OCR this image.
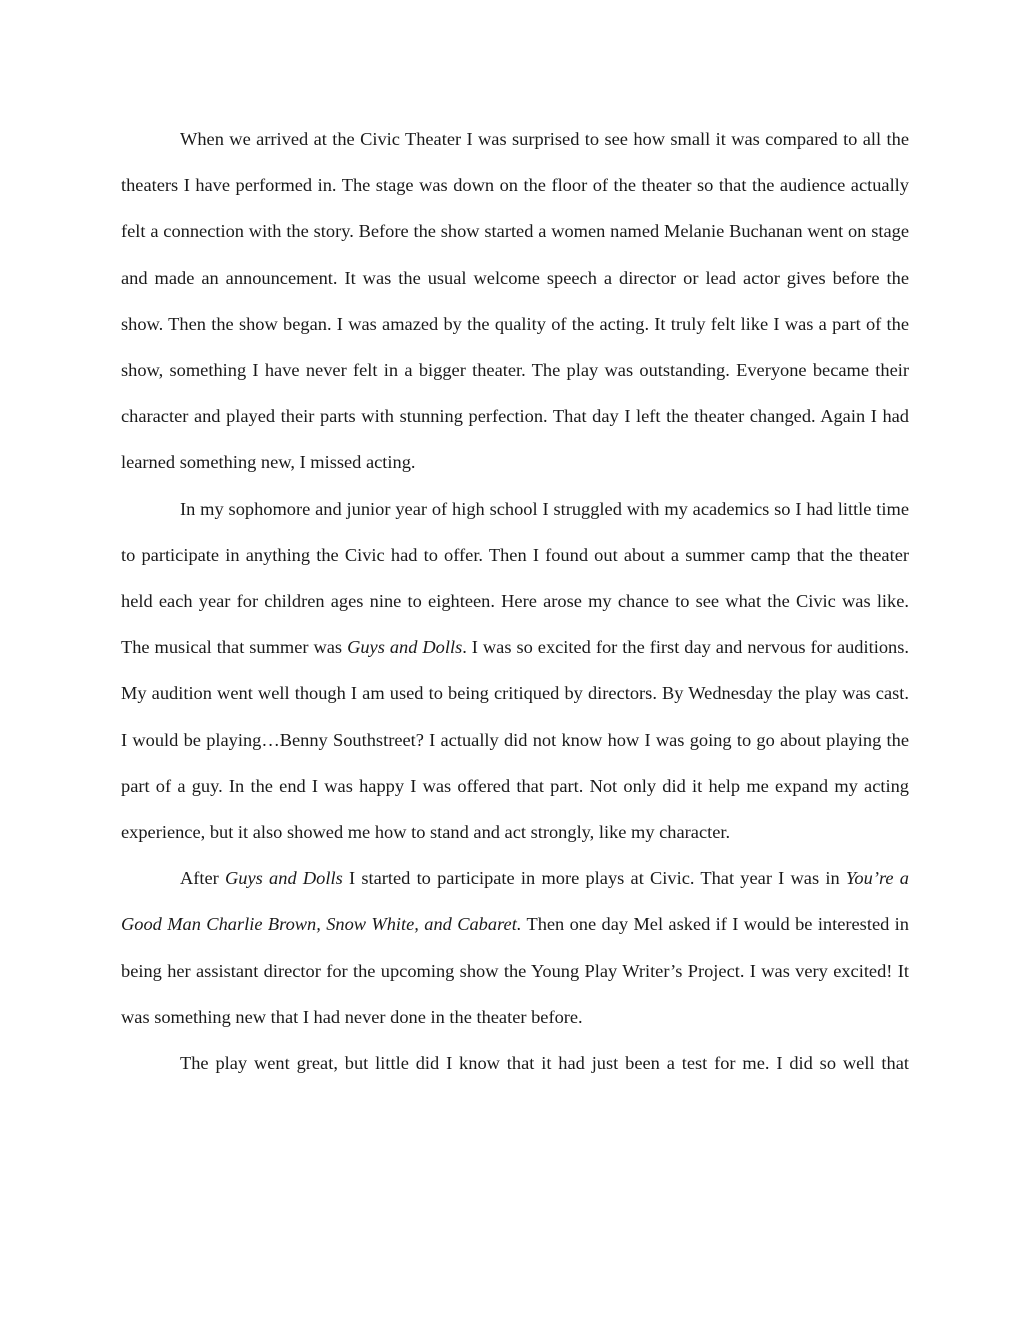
When we arrived at the Civic Theater I was surprised to see how small it was compared to all the theaters I have performed in. The stage was down on the floor of the theater so that the audience actually felt a connection with the story. Before the show started a women named Melanie Buchanan went on stage and made an announcement. It was the usual welcome speech a director or lead actor gives before the show. Then the show began. I was amazed by the quality of the acting. It truly felt like I was a part of the show, something I have never felt in a bigger theater. The play was outstanding. Everyone became their character and played their parts with stunning perfection. That day I left the theater changed. Again I had learned something new, I missed acting.

In my sophomore and junior year of high school I struggled with my academics so I had little time to participate in anything the Civic had to offer. Then I found out about a summer camp that the theater held each year for children ages nine to eighteen. Here arose my chance to see what the Civic was like. The musical that summer was Guys and Dolls. I was so excited for the first day and nervous for auditions. My audition went well though I am used to being critiqued by directors. By Wednesday the play was cast. I would be playing…Benny Southstreet? I actually did not know how I was going to go about playing the part of a guy. In the end I was happy I was offered that part. Not only did it help me expand my acting experience, but it also showed me how to stand and act strongly, like my character.

After Guys and Dolls I started to participate in more plays at Civic. That year I was in You’re a Good Man Charlie Brown, Snow White, and Cabaret. Then one day Mel asked if I would be interested in being her assistant director for the upcoming show the Young Play Writer’s Project. I was very excited! It was something new that I had never done in the theater before.

The play went great, but little did I know that it had just been a test for me. I did so well that
